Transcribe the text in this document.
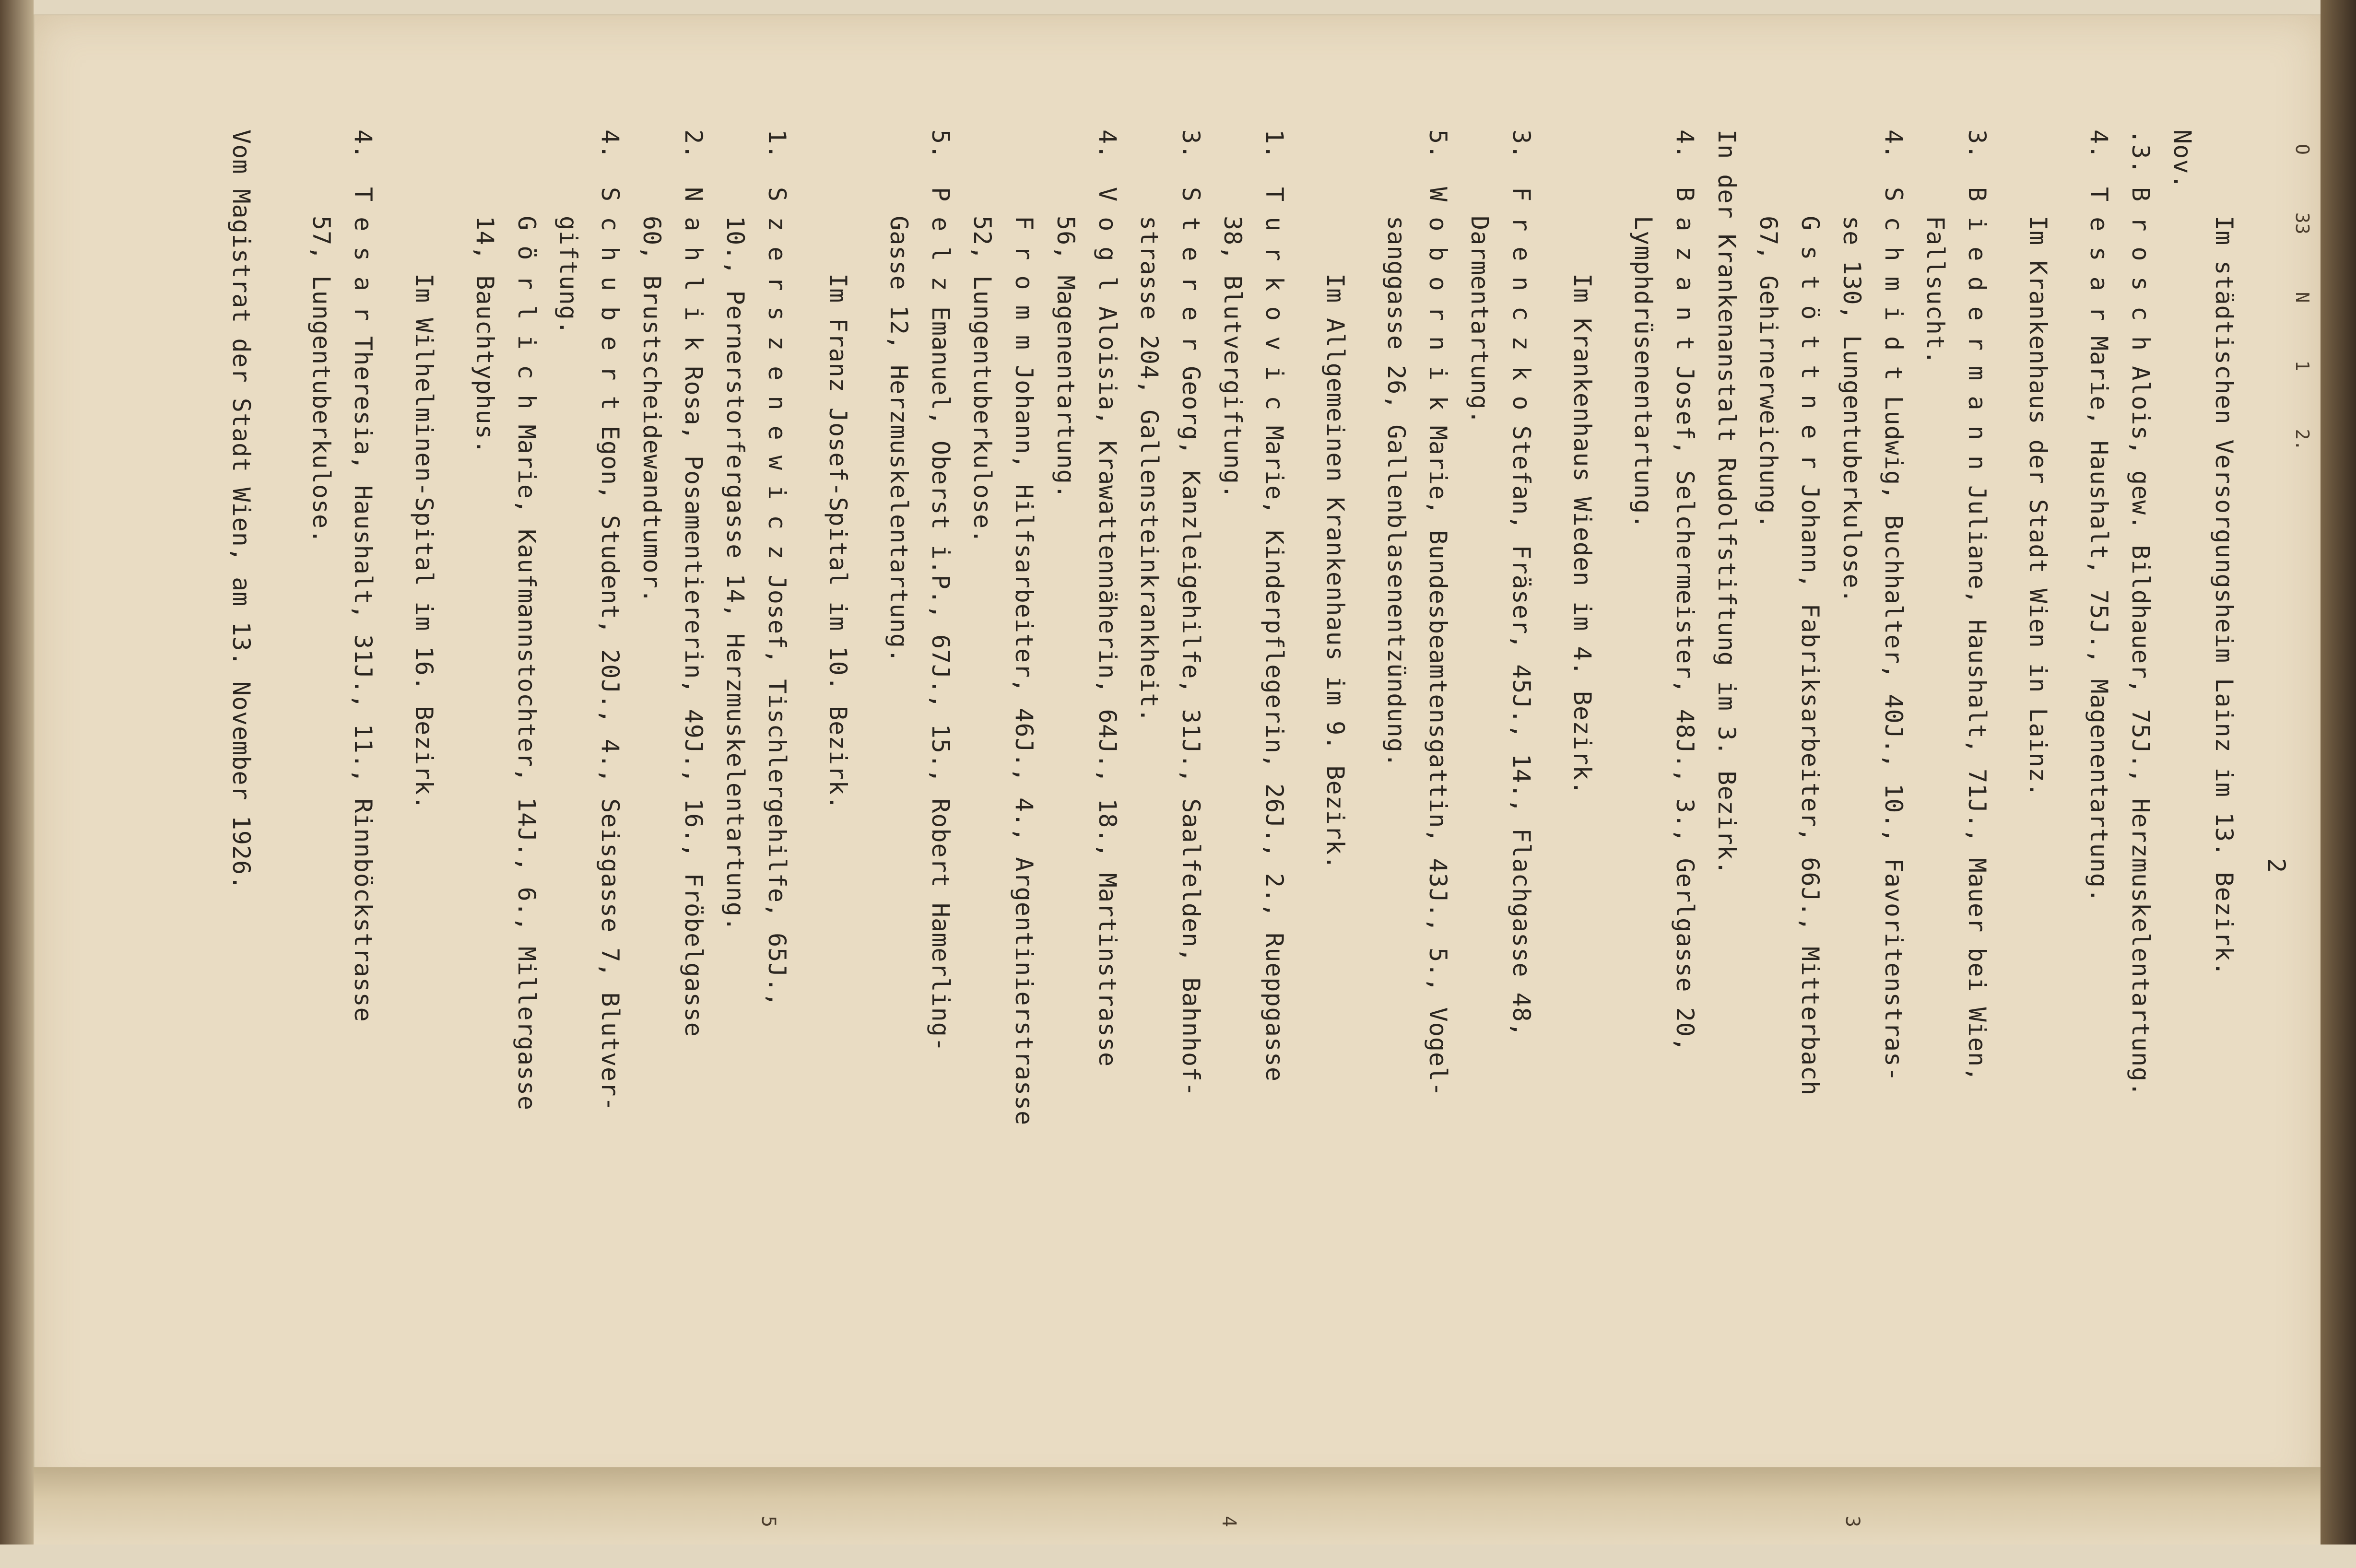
2
Im städtischen Versorgungsheim Lainz im 13. Bezirk.
Nov.
.3.B r o s c h Alois, gew. Bildhauer, 75J., Herzmuskelentartung.
4.T e s a r Marie, Haushalt, 75J., Magenentartung.
Im Krankenhaus der Stadt Wien in Lainz.
3.B i e d e r m a n n Juliane, Haushalt, 71J., Mauer bei Wien,
Fallsucht.
4.S c h m i d t Ludwig, Buchhalter, 40J., 10., Favoritenstras-
se 130, Lungentuberkulose.
G s t ö t t n e r Johann, Fabriksarbeiter, 66J., Mitterbach
67, Gehirnerweichung.
In der Krankenanstalt Rudolfstiftung im 3. Bezirk.
4.B a z a n t Josef, Selchermeister, 48J., 3., Gerlgasse 20,
Lymphdrüsenentartung.
Im Krankenhaus Wieden im 4. Bezirk.
3.F r e n c z k o Stefan, Fräser, 45J., 14., Flachgasse 48,
Darmentartung.
5.W o b o r n i k Marie, Bundesbeamtensgattin, 43J., 5., Vogel-
sanggasse 26, Gallenblasenentzündung.
Im Allgemeinen Krankenhaus im 9. Bezirk.
1.T u r k o v i c Marie, Kinderpflegerin, 26J., 2., Rueppgasse
38, Blutvergiftung.
3.S t e r e r Georg, Kanzleigehilfe, 31J., Saalfelden, Bahnhof-
strasse 204, Gallensteinkrankheit.
4.V o g l Aloisia, Krawattennäherin, 64J., 18., Martinstrasse
56, Magenentartung.
F r o m m Johann, Hilfsarbeiter, 46J., 4., Argentinierstrasse
52, Lungentuberkulose.
5.P e l z Emanuel, Oberst i.P., 67J., 15., Robert Hamerling-
Gasse 12, Herzmuskelentartung.
Im Franz Josef-Spital im 10. Bezirk.
1.S z e r s z e n e w i c z Josef, Tischlergehilfe, 65J.,
10., Pernerstorfergasse 14, Herzmuskelentartung.
2.N a h l i k Rosa, Posamentiererin, 49J., 16., Fröbelgasse
60, Brustscheidewandtumor.
4.S c h u b e r t Egon, Student, 20J., 4., Seisgasse 7, Blutver-
giftung.
G ö r l i c h Marie, Kaufmannstochter, 14J., 6., Millergasse
14, Bauchtyphus.
Im Wilhelminen-Spital im 16. Bezirk.
4.T e s a r Theresia, Haushalt, 31J., 11., Rinnböckstrasse
57, Lungentuberkulose.
Vom Magistrat der Stadt Wien, am 13. November 1926.	O33N12.
4
5	3
